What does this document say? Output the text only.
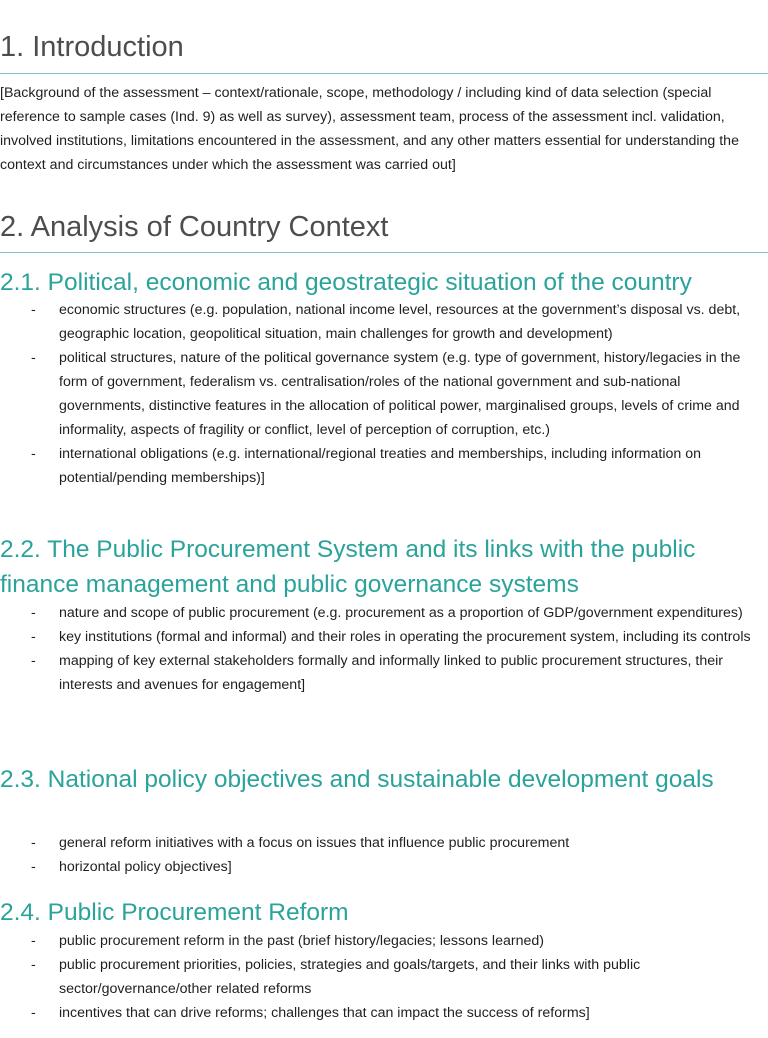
1. Introduction

[Background of the assessment – context/rationale, scope, methodology / including kind of data selection (special reference to sample cases (Ind. 9) as well as survey), assessment team, process of the assessment incl. validation, involved institutions, limitations encountered in the assessment, and any other matters essential for understanding the context and circumstances under which the assessment was carried out]

2. Analysis of Country Context
2.1. Political, economic and geostrategic situation of the country
- economic structures (e.g. population, national income level, resources at the government’s disposal vs. debt, geographic location, geopolitical situation, main challenges for growth and development)
- political structures, nature of the political governance system (e.g. type of government, history/legacies in the form of government, federalism vs. centralisation/roles of the national government and sub-national governments, distinctive features in the allocation of political power, marginalised groups, levels of crime and informality, aspects of fragility or conflict, level of perception of corruption, etc.)
- international obligations (e.g. international/regional treaties and memberships, including information on potential/pending memberships)]
2.2. The Public Procurement System and its links with the public finance management and public governance systems
- nature and scope of public procurement (e.g. procurement as a proportion of GDP/government expenditures)
- key institutions (formal and informal) and their roles in operating the procurement system, including its controls
- mapping of key external stakeholders formally and informally linked to public procurement structures, their interests and avenues for engagement]
2.3. National policy objectives and sustainable development goals
- general reform initiatives with a focus on issues that influence public procurement
- horizontal policy objectives]
2.4. Public Procurement Reform
- public procurement reform in the past (brief history/legacies; lessons learned)
- public procurement priorities, policies, strategies and goals/targets, and their links with public sector/governance/other related reforms
- incentives that can drive reforms; challenges that can impact the success of reforms]
